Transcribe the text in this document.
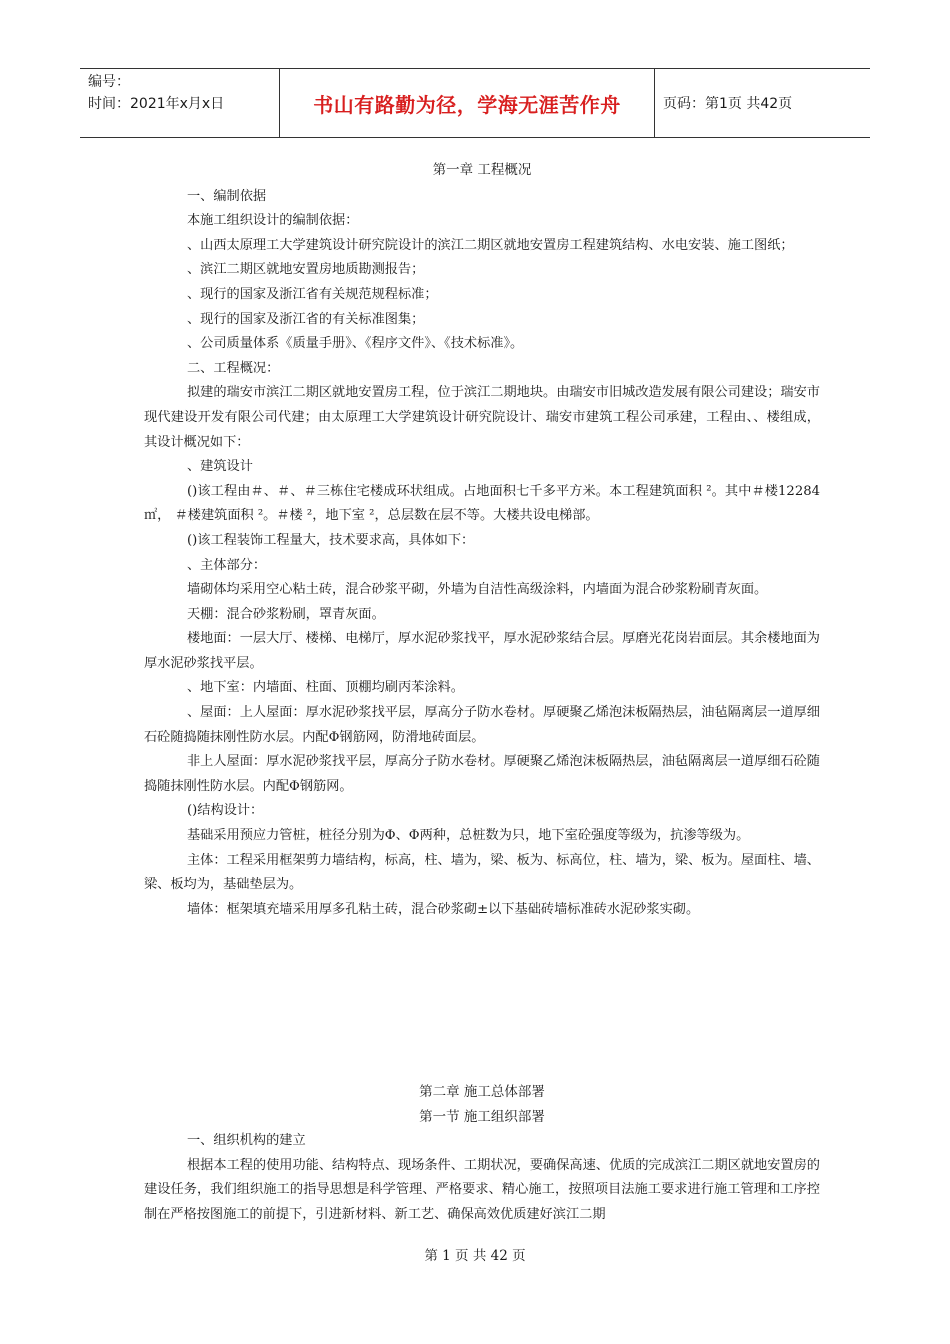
编号：
时间：2021年x月x日	书山有路勤为径，学海无涯苦作舟	页码：第1页 共42页

第一章 工程概况

一、编制依据

本施工组织设计的编制依据：

、山西太原理工大学建筑设计研究院设计的滨江二期区就地安置房工程建筑结构、水电安装、施工图纸；

、滨江二期区就地安置房地质勘测报告；

、现行的国家及浙江省有关规范规程标准；

、现行的国家及浙江省的有关标准图集；

、公司质量体系《质量手册》、《程序文件》、《技术标准》。

二、工程概况：

拟建的瑞安市滨江二期区就地安置房工程，位于滨江二期地块。由瑞安市旧城改造发展有限公司建设；瑞安市现代建设开发有限公司代建；由太原理工大学建筑设计研究院设计、瑞安市建筑工程公司承建，工程由、、楼组成，其设计概况如下：

、建筑设计

()该工程由＃、＃、＃三栋住宅楼成环状组成。占地面积七千多平方米。本工程建筑面积 ²。其中＃楼12284㎡， ＃楼建筑面积 ²。＃楼 ²，地下室 ²，总层数在层不等。大楼共设电梯部。

()该工程装饰工程量大，技术要求高，具体如下：

、主体部分：

墙砌体均采用空心粘土砖，混合砂浆平砌，外墙为自洁性高级涂料，内墙面为混合砂浆粉刷青灰面。

天棚：混合砂浆粉刷，罩青灰面。

楼地面：一层大厅、楼梯、电梯厅，厚水泥砂浆找平，厚水泥砂浆结合层。厚磨光花岗岩面层。其余楼地面为厚水泥砂浆找平层。

、地下室：内墙面、柱面、顶棚均刷丙苯涂料。

、屋面：上人屋面：厚水泥砂浆找平层，厚高分子防水卷材。厚硬聚乙烯泡沫板隔热层，油毡隔离层一道厚细石砼随捣随抹刚性防水层。内配Φ钢筋网，防滑地砖面层。

非上人屋面：厚水泥砂浆找平层，厚高分子防水卷材。厚硬聚乙烯泡沫板隔热层，油毡隔离层一道厚细石砼随捣随抹刚性防水层。内配Φ钢筋网。

()结构设计：

基础采用预应力管桩，桩径分别为Φ、Φ两种，总桩数为只，地下室砼强度等级为，抗渗等级为。

主体：工程采用框架剪力墙结构，标高，柱、墙为，梁、板为、标高位，柱、墙为，梁、板为。屋面柱、墙、梁、板均为，基础垫层为。

墙体：框架填充墙采用厚多孔粘土砖，混合砂浆砌±以下基础砖墙标准砖水泥砂浆实砌。

第二章 施工总体部署

第一节 施工组织部署

一、组织机构的建立

根据本工程的使用功能、结构特点、现场条件、工期状况，要确保高速、优质的完成滨江二期区就地安置房的建设任务，我们组织施工的指导思想是科学管理、严格要求、精心施工，按照项目法施工要求进行施工管理和工序控制在严格按图施工的前提下，引进新材料、新工艺、确保高效优质建好滨江二期

第 1 页 共 42 页
